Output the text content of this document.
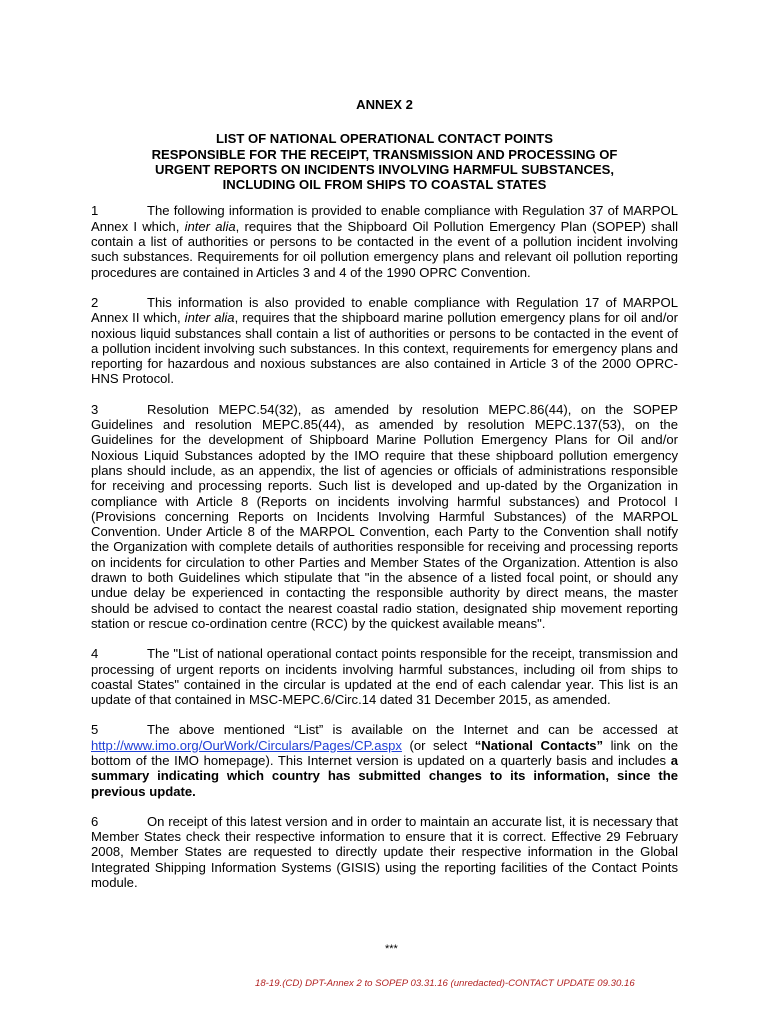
ANNEX 2
LIST OF NATIONAL OPERATIONAL CONTACT POINTS
RESPONSIBLE FOR THE RECEIPT, TRANSMISSION AND PROCESSING OF
URGENT REPORTS ON INCIDENTS INVOLVING HARMFUL SUBSTANCES,
INCLUDING OIL FROM SHIPS TO COASTAL STATES

1	The following information is provided to enable compliance with Regulation 37 of MARPOL Annex I which, inter alia, requires that the Shipboard Oil Pollution Emergency Plan (SOPEP) shall contain a list of authorities or persons to be contacted in the event of a pollution incident involving such substances. Requirements for oil pollution emergency plans and relevant oil pollution reporting procedures are contained in Articles 3 and 4 of the 1990 OPRC Convention.

2	This information is also provided to enable compliance with Regulation 17 of MARPOL Annex II which, inter alia, requires that the shipboard marine pollution emergency plans for oil and/or noxious liquid substances shall contain a list of authorities or persons to be contacted in the event of a pollution incident involving such substances. In this context, requirements for emergency plans and reporting for hazardous and noxious substances are also contained in Article 3 of the 2000 OPRC-HNS Protocol.

3	Resolution MEPC.54(32), as amended by resolution MEPC.86(44), on the SOPEP Guidelines and resolution MEPC.85(44), as amended by resolution MEPC.137(53), on the Guidelines for the development of Shipboard Marine Pollution Emergency Plans for Oil and/or Noxious Liquid Substances adopted by the IMO require that these shipboard pollution emergency plans should include, as an appendix, the list of agencies or officials of administrations responsible for receiving and processing reports. Such list is developed and up-dated by the Organization in compliance with Article 8 (Reports on incidents involving harmful substances) and Protocol I (Provisions concerning Reports on Incidents Involving Harmful Substances) of the MARPOL Convention. Under Article 8 of the MARPOL Convention, each Party to the Convention shall notify the Organization with complete details of authorities responsible for receiving and processing reports on incidents for circulation to other Parties and Member States of the Organization. Attention is also drawn to both Guidelines which stipulate that "in the absence of a listed focal point, or should any undue delay be experienced in contacting the responsible authority by direct means, the master should be advised to contact the nearest coastal radio station, designated ship movement reporting station or rescue co-ordination centre (RCC) by the quickest available means".

4	The "List of national operational contact points responsible for the receipt, transmission and processing of urgent reports on incidents involving harmful substances, including oil from ships to coastal States" contained in the circular is updated at the end of each calendar year. This list is an update of that contained in MSC-MEPC.6/Circ.14 dated 31 December 2015, as amended.

5	The above mentioned “List” is available on the Internet and can be accessed at http://www.imo.org/OurWork/Circulars/Pages/CP.aspx (or select “National Contacts” link on the bottom of the IMO homepage). This Internet version is updated on a quarterly basis and includes a summary indicating which country has submitted changes to its information, since the previous update.

6	On receipt of this latest version and in order to maintain an accurate list, it is necessary that Member States check their respective information to ensure that it is correct. Effective 29 February 2008, Member States are requested to directly update their respective information in the Global Integrated Shipping Information Systems (GISIS) using the reporting facilities of the Contact Points module.

***
18-19.(CD) DPT-Annex 2 to SOPEP 03.31.16 (unredacted)-CONTACT UPDATE 09.30.16
